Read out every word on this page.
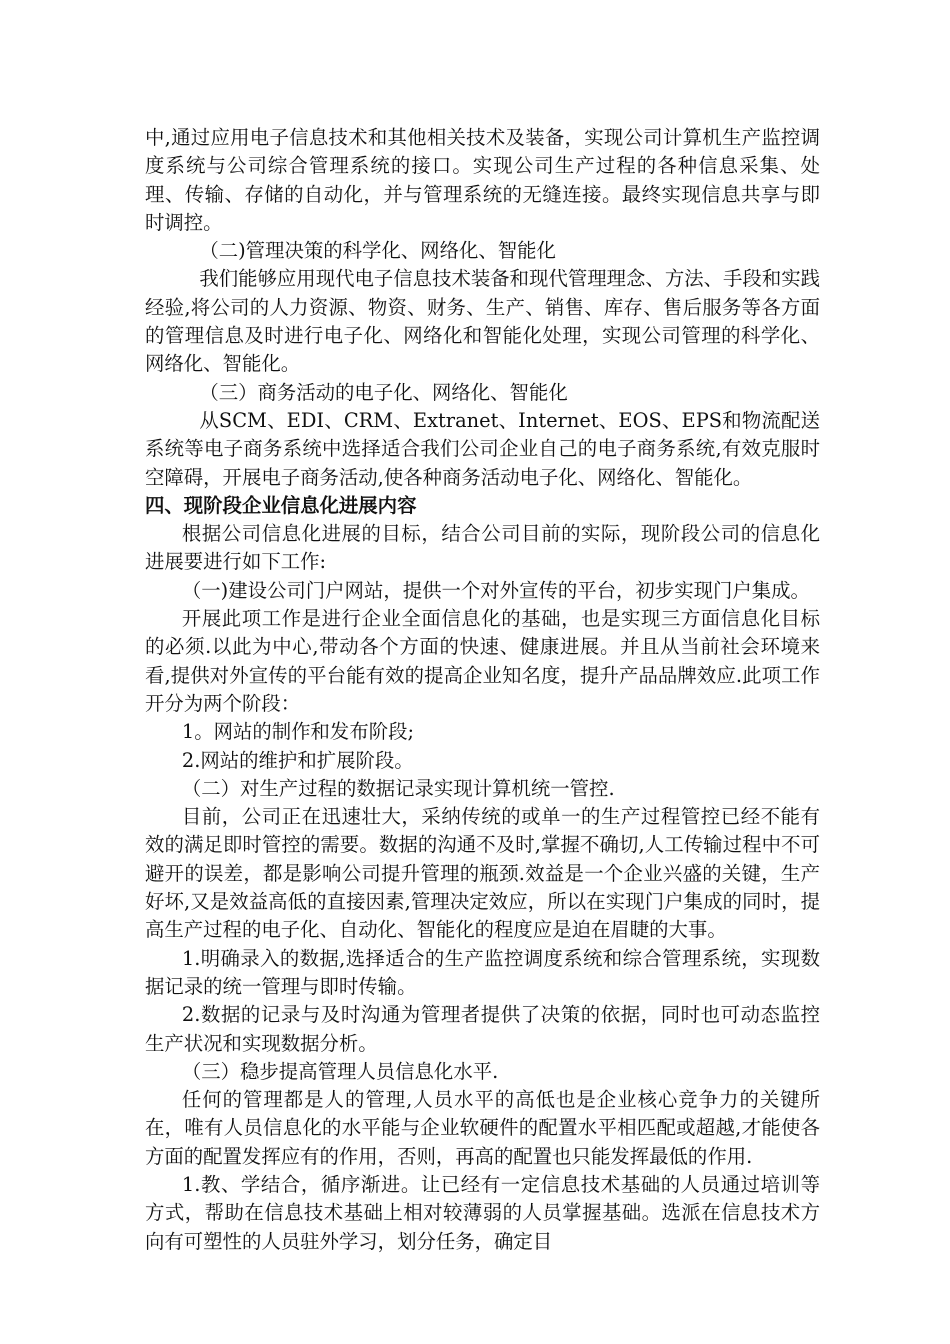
中,通过应用电子信息技术和其他相关技术及装备，实现公司计算机生产监控调度系统与公司综合管理系统的接口。实现公司生产过程的各种信息采集、处理、传输、存储的自动化，并与管理系统的无缝连接。最终实现信息共享与即时调控。

（二)管理决策的科学化、网络化、智能化

我们能够应用现代电子信息技术装备和现代管理理念、方法、手段和实践经验,将公司的人力资源、物资、财务、生产、销售、库存、售后服务等各方面的管理信息及时进行电子化、网络化和智能化处理，实现公司管理的科学化、网络化、智能化。

（三）商务活动的电子化、网络化、智能化

从SCM、EDI、CRM、Extranet、Internet、EOS、EPS和物流配送系统等电子商务系统中选择适合我们公司企业自己的电子商务系统,有效克服时空障碍，开展电子商务活动,使各种商务活动电子化、网络化、智能化。

四、现阶段企业信息化进展内容

根据公司信息化进展的目标，结合公司目前的实际，现阶段公司的信息化进展要进行如下工作:

（一)建设公司门户网站，提供一个对外宣传的平台，初步实现门户集成。

开展此项工作是进行企业全面信息化的基础，也是实现三方面信息化目标的必须.以此为中心,带动各个方面的快速、健康进展。并且从当前社会环境来看,提供对外宣传的平台能有效的提高企业知名度，提升产品品牌效应.此项工作开分为两个阶段：

1。网站的制作和发布阶段;

2.网站的维护和扩展阶段。

（二）对生产过程的数据记录实现计算机统一管控.

目前，公司正在迅速壮大，采纳传统的或单一的生产过程管控已经不能有效的满足即时管控的需要。数据的沟通不及时,掌握不确切,人工传输过程中不可避开的误差，都是影响公司提升管理的瓶颈.效益是一个企业兴盛的关键，生产好坏,又是效益高低的直接因素,管理决定效应，所以在实现门户集成的同时，提高生产过程的电子化、自动化、智能化的程度应是迫在眉睫的大事。

1.明确录入的数据,选择适合的生产监控调度系统和综合管理系统，实现数据记录的统一管理与即时传输。

2.数据的记录与及时沟通为管理者提供了决策的依据，同时也可动态监控生产状况和实现数据分析。

（三）稳步提高管理人员信息化水平.

任何的管理都是人的管理,人员水平的高低也是企业核心竞争力的关键所在，唯有人员信息化的水平能与企业软硬件的配置水平相匹配或超越,才能使各方面的配置发挥应有的作用，否则，再高的配置也只能发挥最低的作用.

1.教、学结合，循序渐进。让已经有一定信息技术基础的人员通过培训等方式，帮助在信息技术基础上相对较薄弱的人员掌握基础。选派在信息技术方向有可塑性的人员驻外学习，划分任务，确定目
